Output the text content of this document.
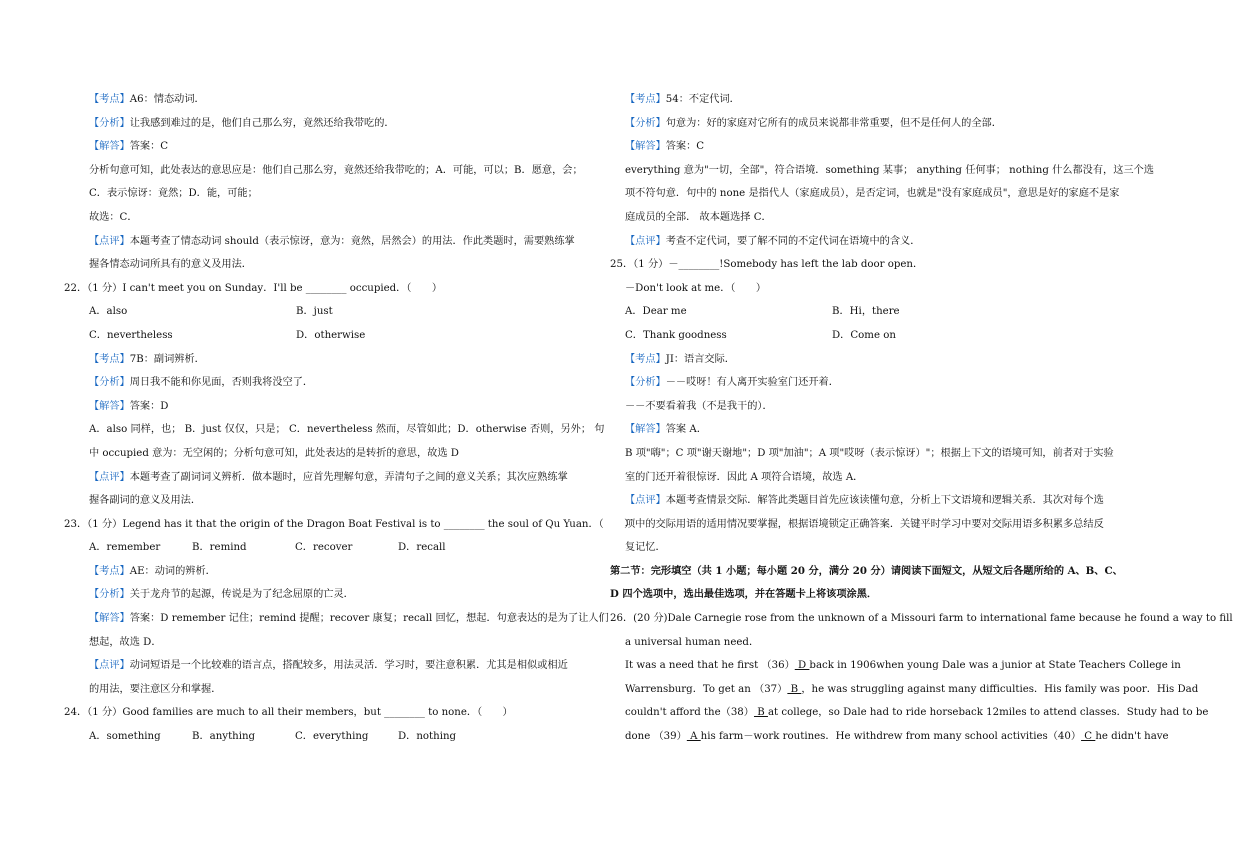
【考点】A6：情态动词．
【分析】让我感到难过的是，他们自己那么穷，竟然还给我带吃的．
【解答】答案：C
分析句意可知，此处表达的意思应是：他们自己那么穷，竟然还给我带吃的；A．可能，可以；B．愿意，会；
C．表示惊讶：竟然；D．能，可能；
故选：C．
【点评】本题考查了情态动词 should（表示惊讶，意为：竟然，居然会）的用法．作此类题时，需要熟练掌
握各情态动词所具有的意义及用法．
22．（1 分）I can't meet you on Sunday．I'll be ________ occupied．（　　）
A．also	B．just
C．nevertheless	D．otherwise
【考点】7B：副词辨析．
【分析】周日我不能和你见面，否则我将没空了．
【解答】答案：D
A．also 同样，也； B．just 仅仅，只是； C．nevertheless 然而，尽管如此；D．otherwise 否则，另外； 句
中 occupied 意为：无空闲的；分析句意可知，此处表达的是转折的意思，故选 D
【点评】本题考查了副词词义辨析．做本题时，应首先理解句意，弄清句子之间的意义关系；其次应熟练掌
握各副词的意义及用法．
23．（1 分）Legend has it that the origin of the Dragon Boat Festival is to ________ the soul of Qu Yuan．（　　）
A．remember	B．remind	C．recover	D．recall
【考点】AE：动词的辨析．
【分析】关于龙舟节的起源，传说是为了纪念屈原的亡灵．
【解答】答案：D remember 记住；remind 提醒；recover 康复；recall 回忆，想起．句意表达的是为了让人们
想起，故选 D．
【点评】动词短语是一个比较难的语言点，搭配较多，用法灵活．学习时，要注意积累．尤其是相似或相近
的用法，要注意区分和掌握．
24．（1 分）Good families are much to all their members，but ________ to none．（　　）
A．something	B．anything	C．everything	D．nothing
【考点】54：不定代词．
【分析】句意为：好的家庭对它所有的成员来说都非常重要，但不是任何人的全部．
【解答】答案：C
everything 意为"一切，全部"，符合语境．something 某事； anything 任何事； nothing 什么都没有，这三个选
项不符句意．句中的 none 是指代人（家庭成员），是否定词，也就是"没有家庭成员"，意思是好的家庭不是家
庭成员的全部． 故本题选择 C．
【点评】考查不定代词，要了解不同的不定代词在语境中的含义．
25．（1 分）－________!Somebody has left the lab door open．
－Don't look at me．（　　）
A．Dear me	B．Hi，there
C．Thank goodness	D．Come on
【考点】JI：语言交际．
【分析】－－哎呀！有人离开实验室门还开着．
－－不要看着我（不是我干的）．
【解答】答案 A．
B 项"嗨"；C 项"谢天谢地"；D 项"加油"；A 项"哎呀（表示惊讶）"；根据上下文的语境可知，前者对于实验
室的门还开着很惊讶．因此 A 项符合语境，故选 A．
【点评】本题考查情景交际．解答此类题目首先应该读懂句意，分析上下文语境和逻辑关系．其次对每个选
项中的交际用语的适用情况要掌握，根据语境锁定正确答案．关键平时学习中要对交际用语多积累多总结反
复记忆．
第二节：完形填空（共 1 小题；每小题 20 分，满分 20 分）请阅读下面短文，从短文后各题所给的 A、B、C、
D 四个选项中，选出最佳选项，并在答题卡上将该项涂黑．
26．(20 分)Dale Carnegie rose from the unknown of a Missouri farm to international fame because he found a way to fill
a universal human need．
It was a need that he first （36） D back in 1906when young Dale was a junior at State Teachers College in
Warrensburg．To get an （37） B ，he was struggling against many difficulties．His family was poor．His Dad
couldn't afford the（38） B at college，so Dale had to ride horseback 12miles to attend classes．Study had to be
done （39） A his farm－work routines．He withdrew from many school activities（40） C he didn't have
